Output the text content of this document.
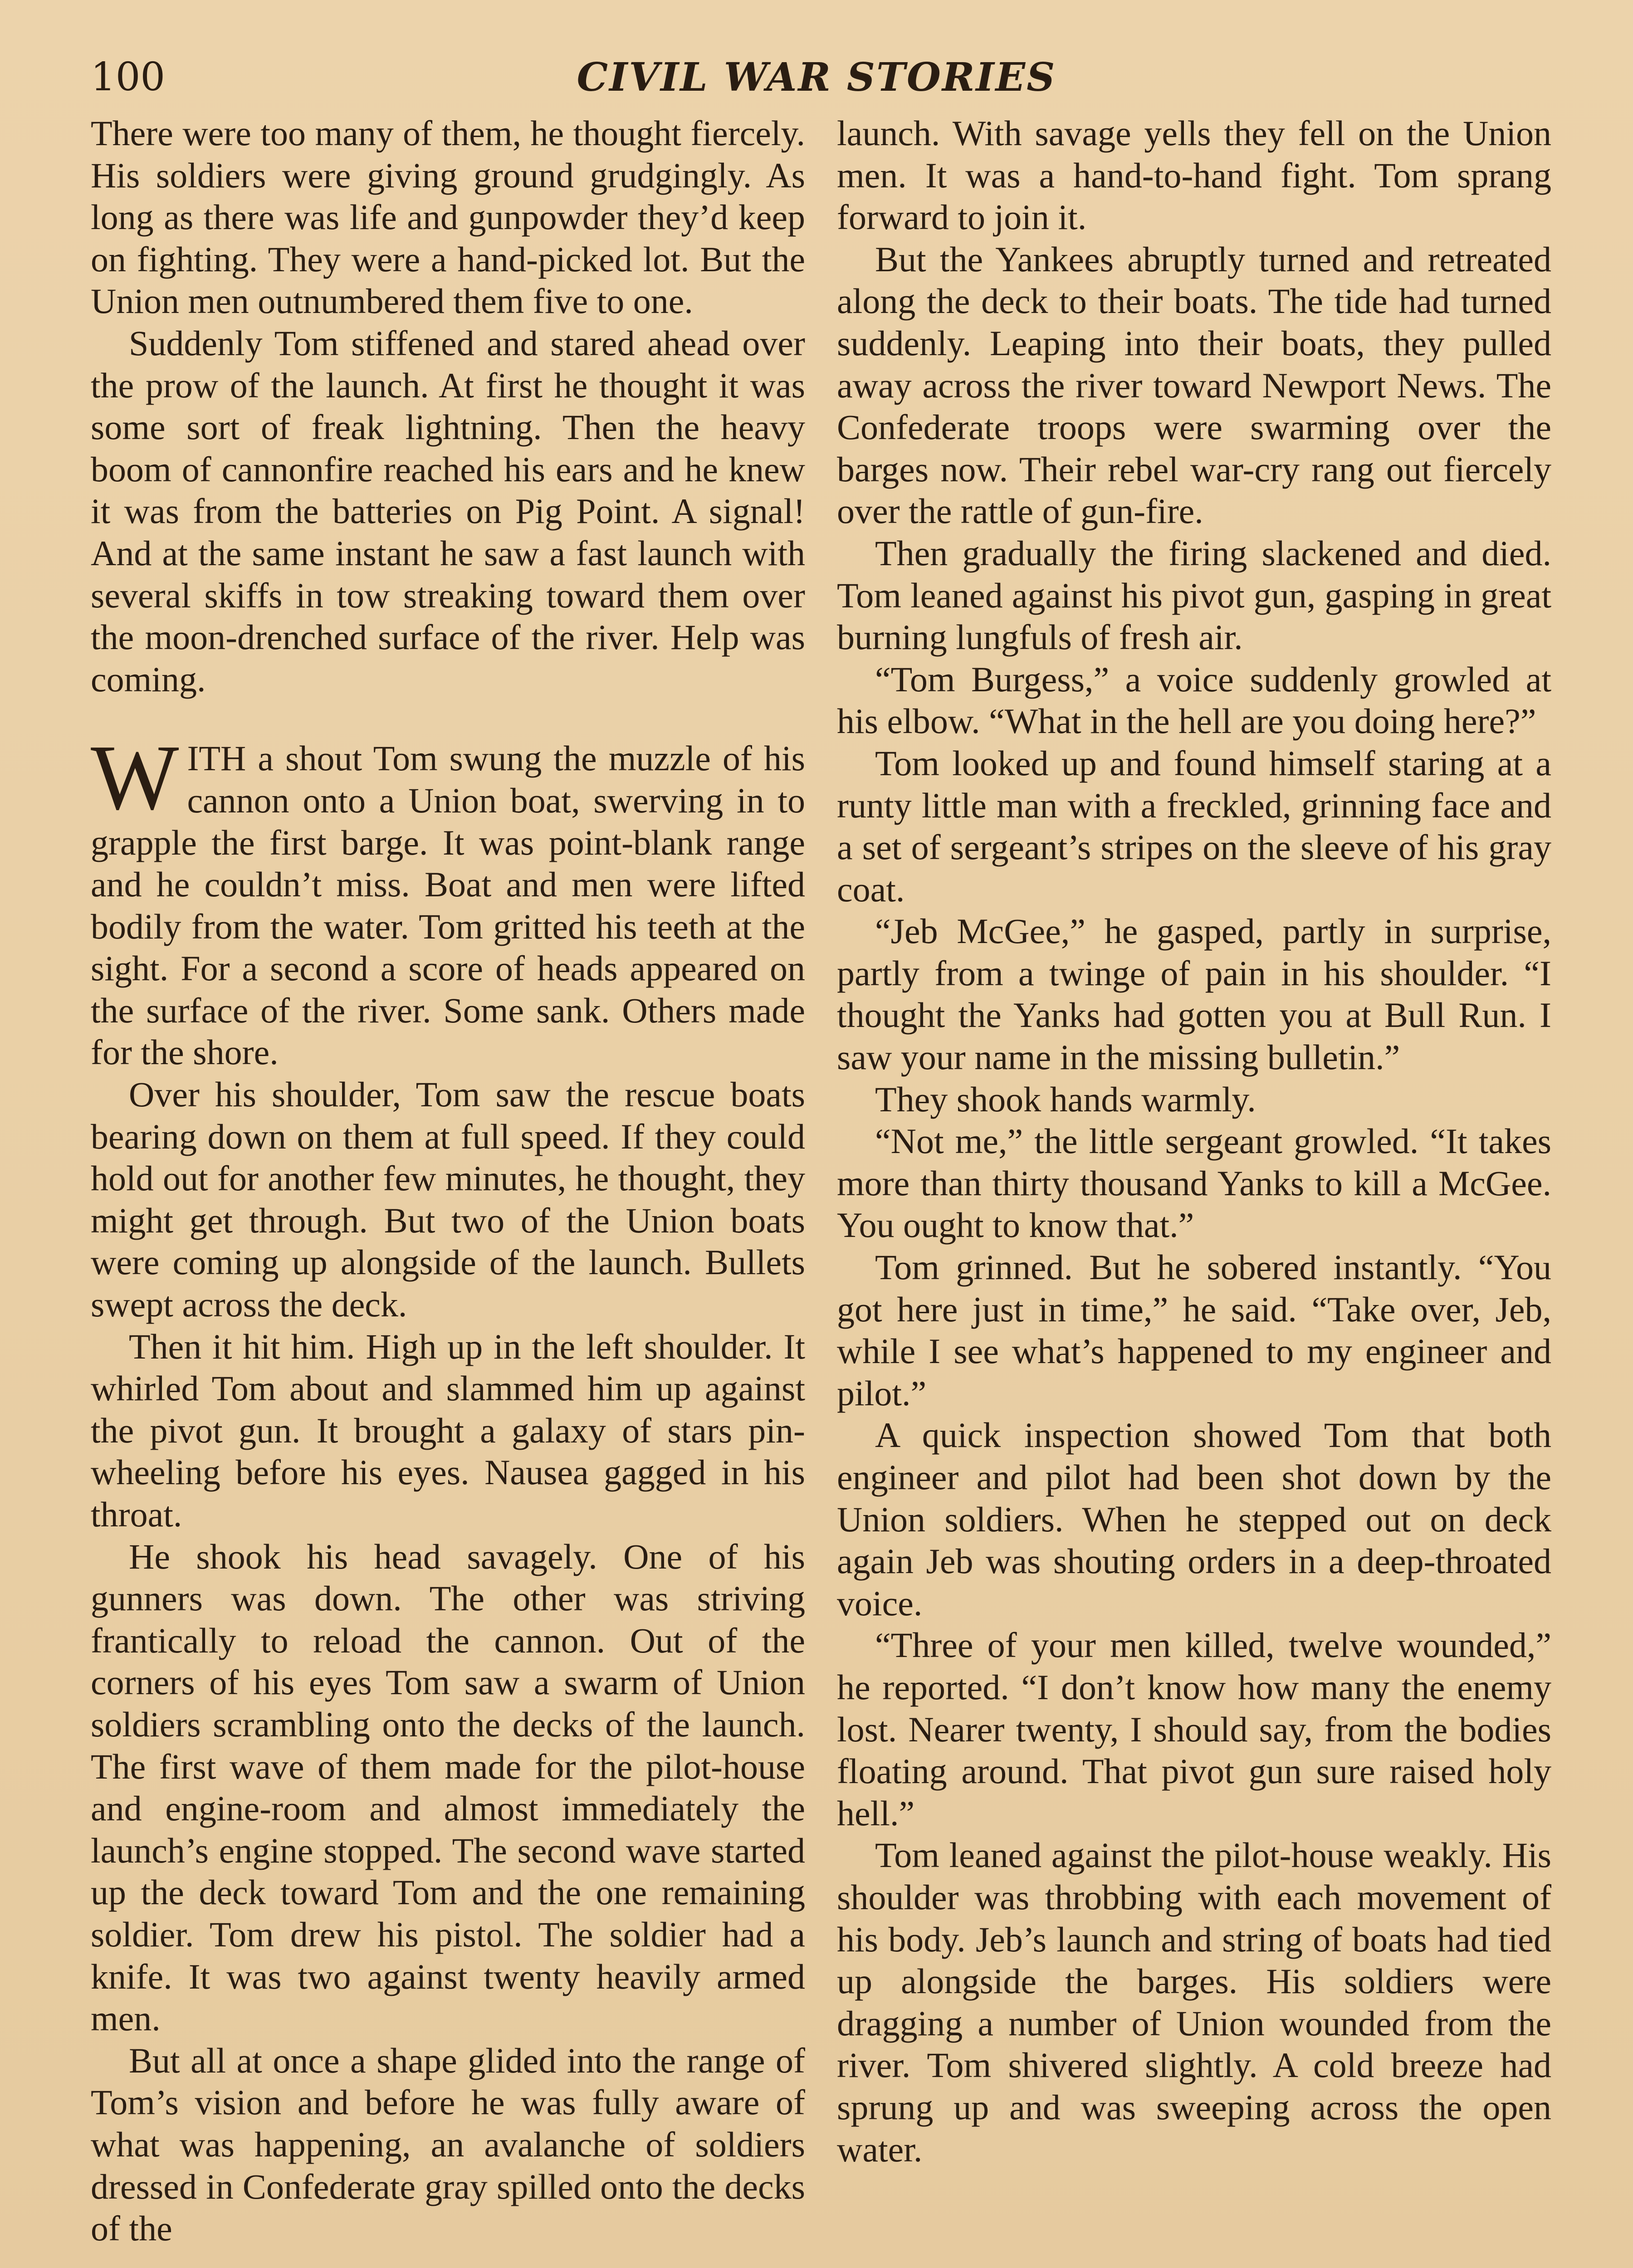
100	CIVIL WAR STORIES

There were too many of them, he thought fiercely. His soldiers were giving ground grudgingly. As long as there was life and gunpowder they’d keep on fighting. They were a hand-picked lot. But the Union men outnumbered them five to one.

Suddenly Tom stiffened and stared ahead over the prow of the launch. At first he thought it was some sort of freak lightning. Then the heavy boom of cannonfire reached his ears and he knew it was from the batteries on Pig Point. A signal! And at the same instant he saw a fast launch with several skiffs in tow streaking toward them over the moon-drenched surface of the river. Help was coming.

WITH a shout Tom swung the muzzle of his cannon onto a Union boat, swerving in to grapple the first barge. It was point-blank range and he couldn’t miss. Boat and men were lifted bodily from the water. Tom gritted his teeth at the sight. For a second a score of heads appeared on the surface of the river. Some sank. Others made for the shore.

Over his shoulder, Tom saw the rescue boats bearing down on them at full speed. If they could hold out for another few minutes, he thought, they might get through. But two of the Union boats were coming up alongside of the launch. Bullets swept across the deck.

Then it hit him. High up in the left shoulder. It whirled Tom about and slammed him up against the pivot gun. It brought a galaxy of stars pin-wheeling before his eyes. Nausea gagged in his throat.

He shook his head savagely. One of his gunners was down. The other was striving frantically to reload the cannon. Out of the corners of his eyes Tom saw a swarm of Union soldiers scrambling onto the decks of the launch. The first wave of them made for the pilot-house and engine-room and almost immediately the launch’s engine stopped. The second wave started up the deck toward Tom and the one remaining soldier. Tom drew his pistol. The soldier had a knife. It was two against twenty heavily armed men.

But all at once a shape glided into the range of Tom’s vision and before he was fully aware of what was happening, an avalanche of soldiers dressed in Confederate gray spilled onto the decks of the

launch. With savage yells they fell on the Union men. It was a hand-to-hand fight. Tom sprang forward to join it.

But the Yankees abruptly turned and retreated along the deck to their boats. The tide had turned suddenly. Leaping into their boats, they pulled away across the river toward Newport News. The Confederate troops were swarming over the barges now. Their rebel war-cry rang out fiercely over the rattle of gun-fire.

Then gradually the firing slackened and died. Tom leaned against his pivot gun, gasping in great burning lungfuls of fresh air.

“Tom Burgess,” a voice suddenly growled at his elbow. “What in the hell are you doing here?”

Tom looked up and found himself staring at a runty little man with a freckled, grinning face and a set of sergeant’s stripes on the sleeve of his gray coat.

“Jeb McGee,” he gasped, partly in surprise, partly from a twinge of pain in his shoulder. “I thought the Yanks had gotten you at Bull Run. I saw your name in the missing bulletin.”

They shook hands warmly.

“Not me,” the little sergeant growled. “It takes more than thirty thousand Yanks to kill a McGee. You ought to know that.”

Tom grinned. But he sobered instantly. “You got here just in time,” he said. “Take over, Jeb, while I see what’s happened to my engineer and pilot.”

A quick inspection showed Tom that both engineer and pilot had been shot down by the Union soldiers. When he stepped out on deck again Jeb was shouting orders in a deep-throated voice.

“Three of your men killed, twelve wounded,” he reported. “I don’t know how many the enemy lost. Nearer twenty, I should say, from the bodies floating around. That pivot gun sure raised holy hell.”

Tom leaned against the pilot-house weakly. His shoulder was throbbing with each movement of his body. Jeb’s launch and string of boats had tied up alongside the barges. His soldiers were dragging a number of Union wounded from the river. Tom shivered slightly. A cold breeze had sprung up and was sweeping across the open water.
